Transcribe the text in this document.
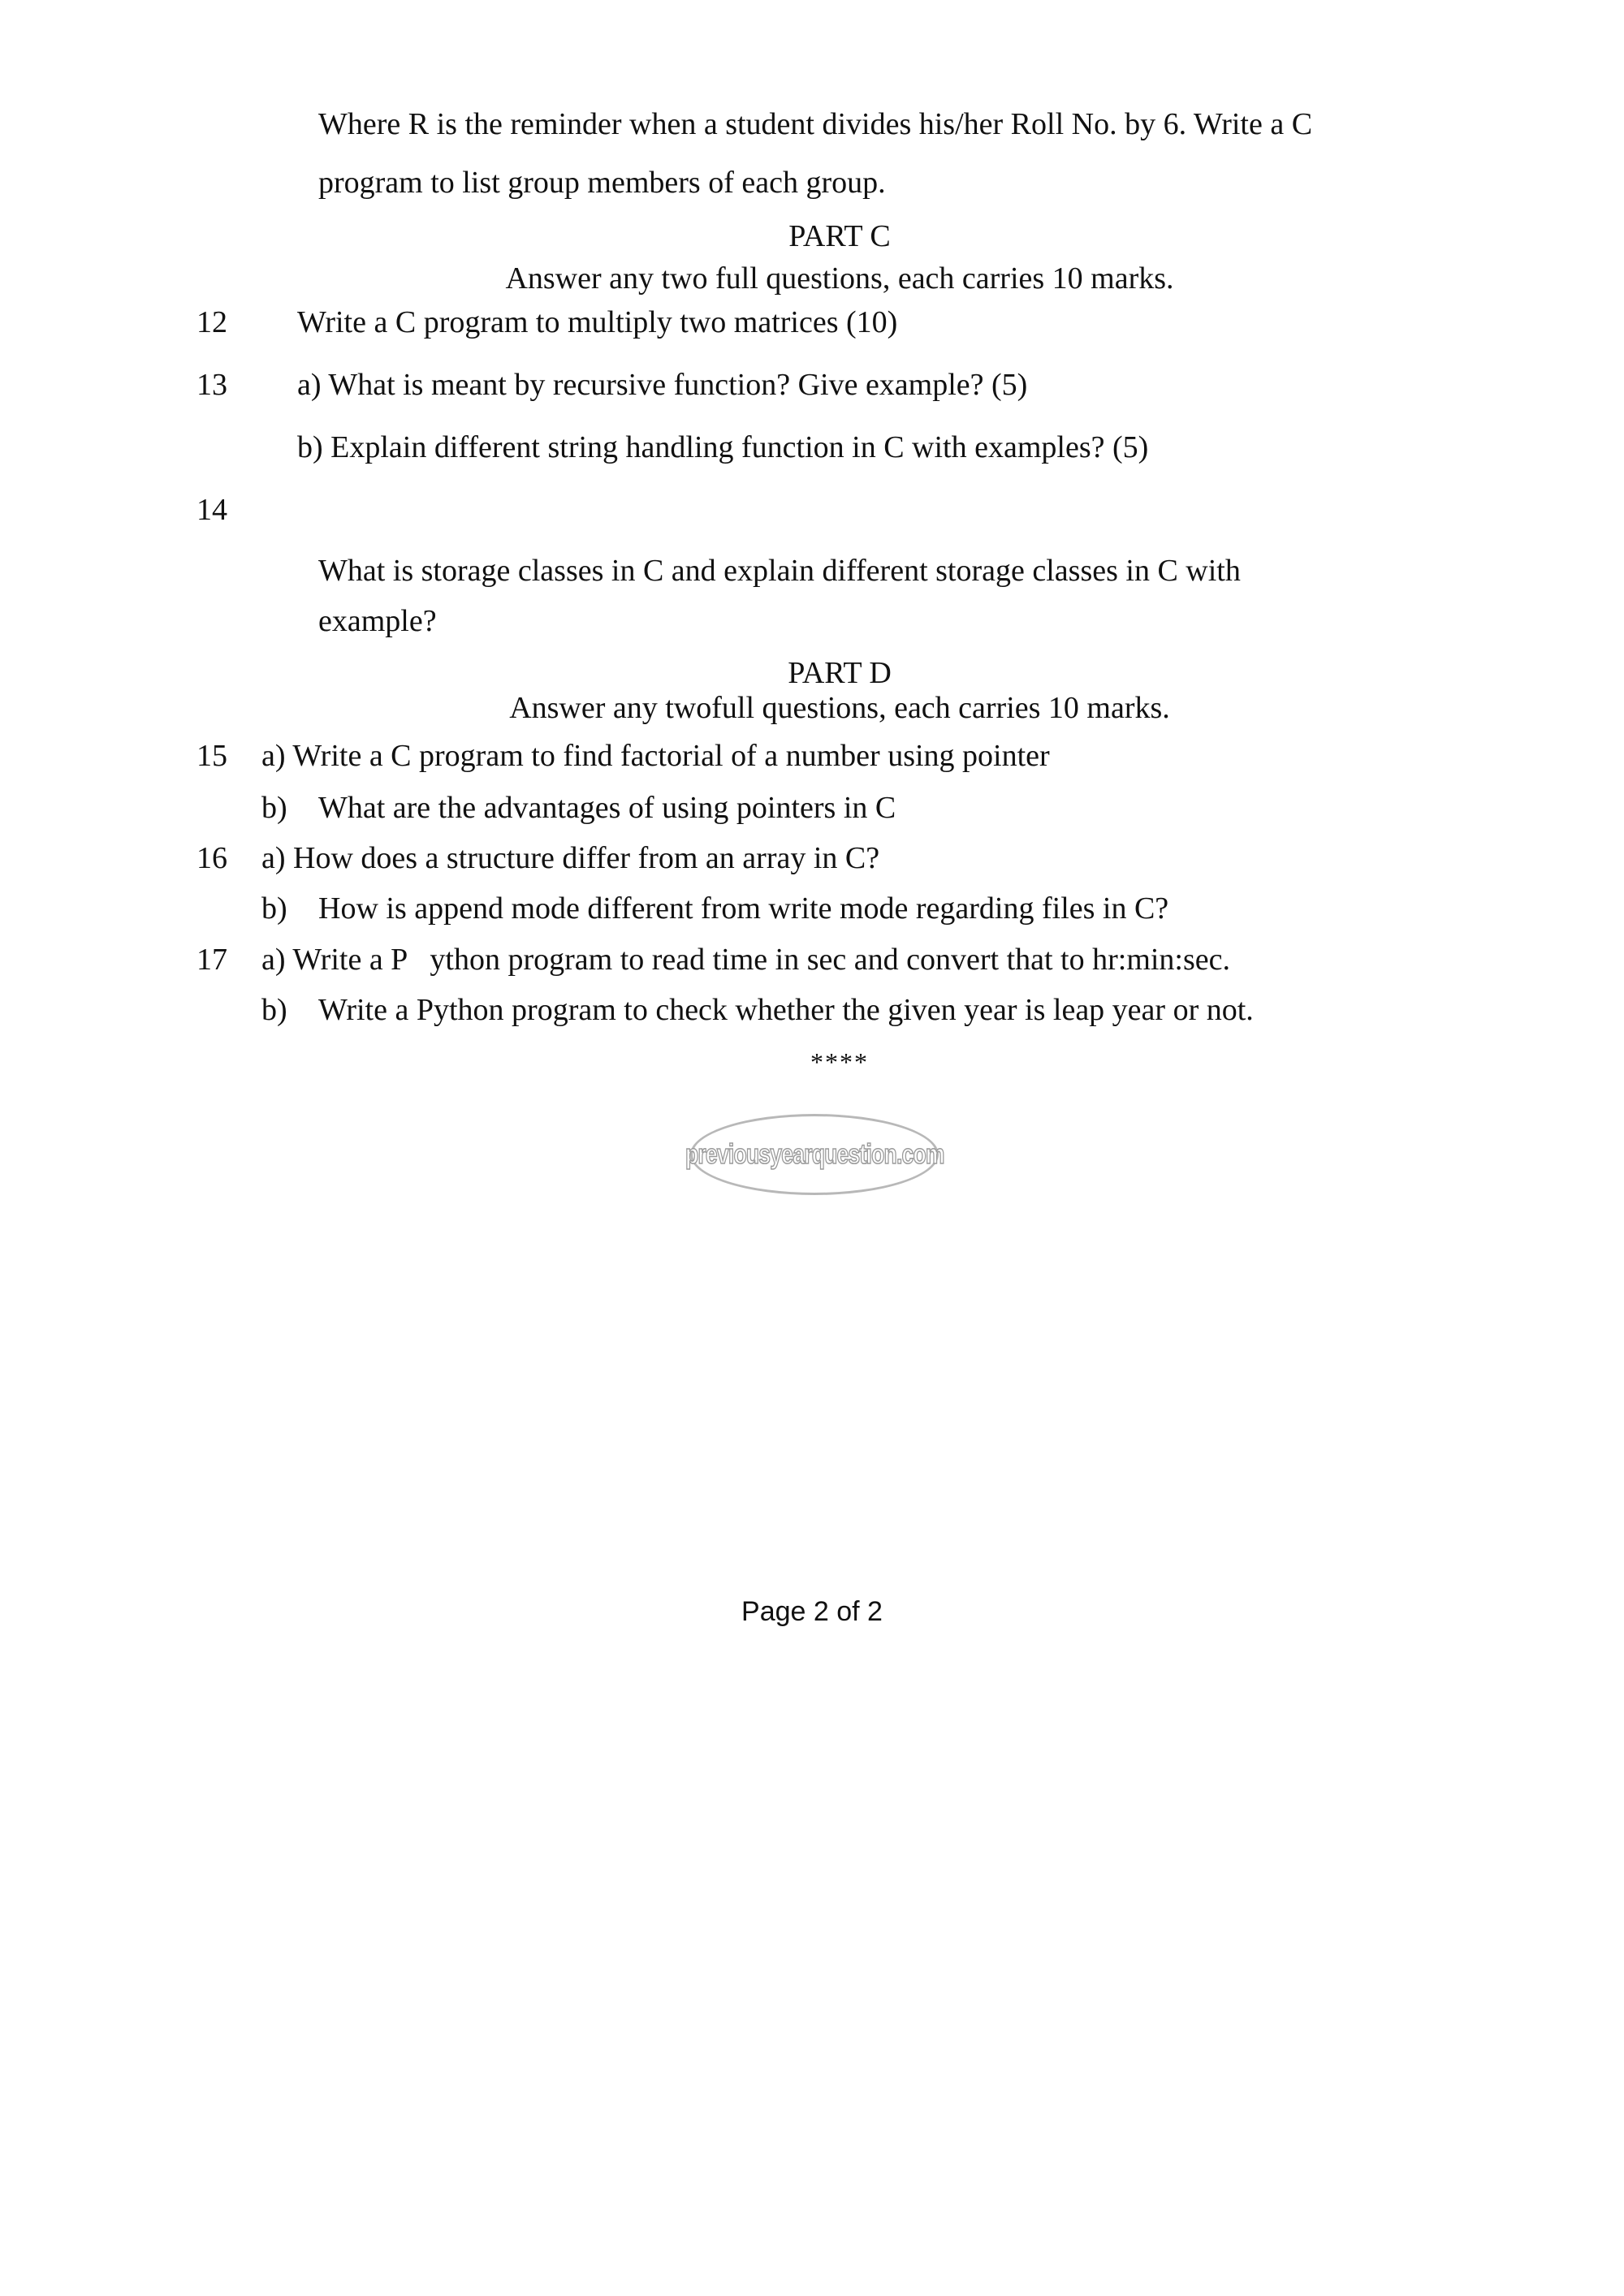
Where R is the reminder when a student divides his/her Roll No. by 6. Write a C
program to list group members of each group.
PART C
Answer any two full questions, each carries 10 marks.
12 Write a C program to multiply two matrices (10)
13 a) What is meant by recursive function? Give example? (5)
b) Explain different string handling function in C with examples? (5)
14
What is storage classes in C and explain different storage classes in C with
example?
PART D
Answer any twofull questions, each carries 10 marks.
15 a) Write a C program to find factorial of a number using pointer
b) What are the advantages of using pointers in C
16 a) How does a structure differ from an array in C?
b) How is append mode different from write mode regarding files in C?
17 a) Write a P   ython program to read time in sec and convert that to hr:min:sec.
b) Write a Python program to check whether the given year is leap year or not.
****
previousyearquestion.com
Page 2 of 2
